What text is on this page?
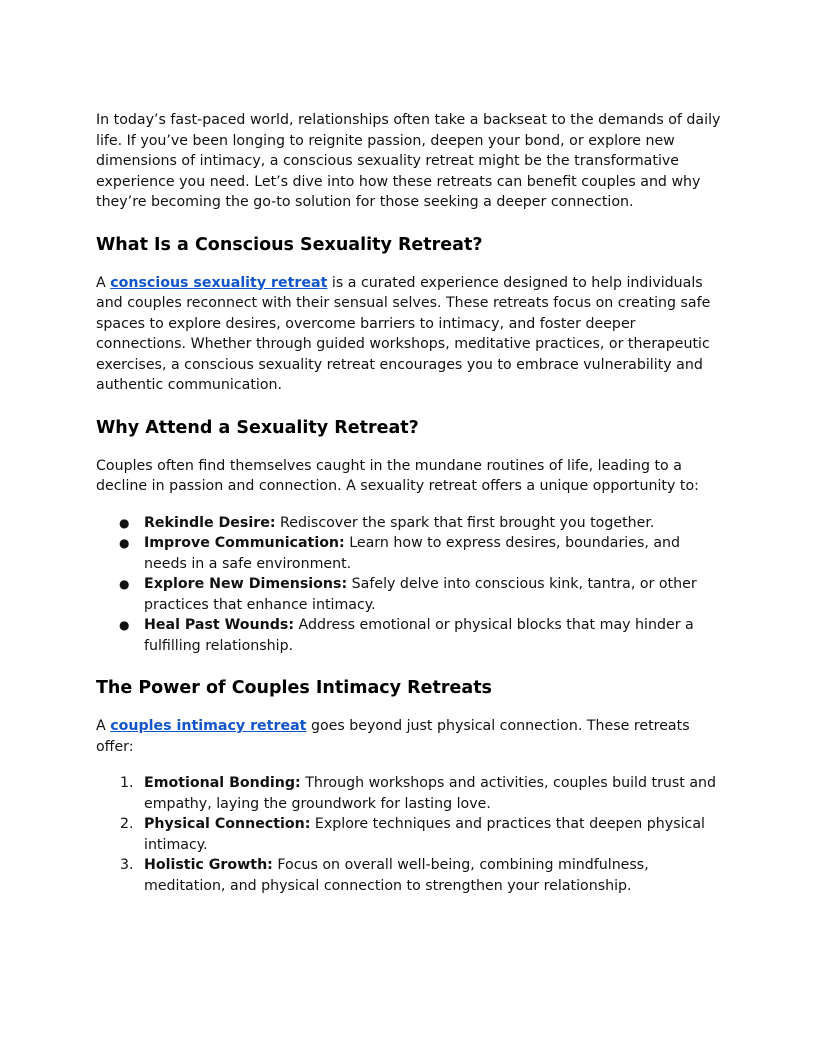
In today’s fast-paced world, relationships often take a backseat to the demands of daily life. If you’ve been longing to reignite passion, deepen your bond, or explore new dimensions of intimacy, a conscious sexuality retreat might be the transformative experience you need. Let’s dive into how these retreats can benefit couples and why they’re becoming the go-to solution for those seeking a deeper connection.

What Is a Conscious Sexuality Retreat?

A conscious sexuality retreat is a curated experience designed to help individuals and couples reconnect with their sensual selves. These retreats focus on creating safe spaces to explore desires, overcome barriers to intimacy, and foster deeper connections. Whether through guided workshops, meditative practices, or therapeutic exercises, a conscious sexuality retreat encourages you to embrace vulnerability and authentic communication.

Why Attend a Sexuality Retreat?

Couples often find themselves caught in the mundane routines of life, leading to a decline in passion and connection. A sexuality retreat offers a unique opportunity to:

●	Rekindle Desire: Rediscover the spark that first brought you together.
●	Improve Communication: Learn how to express desires, boundaries, and needs in a safe environment.
●	Explore New Dimensions: Safely delve into conscious kink, tantra, or other practices that enhance intimacy.
●	Heal Past Wounds: Address emotional or physical blocks that may hinder a fulfilling relationship.
The Power of Couples Intimacy Retreats

A couples intimacy retreat goes beyond just physical connection. These retreats offer:

1. Emotional Bonding: Through workshops and activities, couples build trust and empathy, laying the groundwork for lasting love.
2. Physical Connection: Explore techniques and practices that deepen physical intimacy.
3. Holistic Growth: Focus on overall well-being, combining mindfulness, meditation, and physical connection to strengthen your relationship.
